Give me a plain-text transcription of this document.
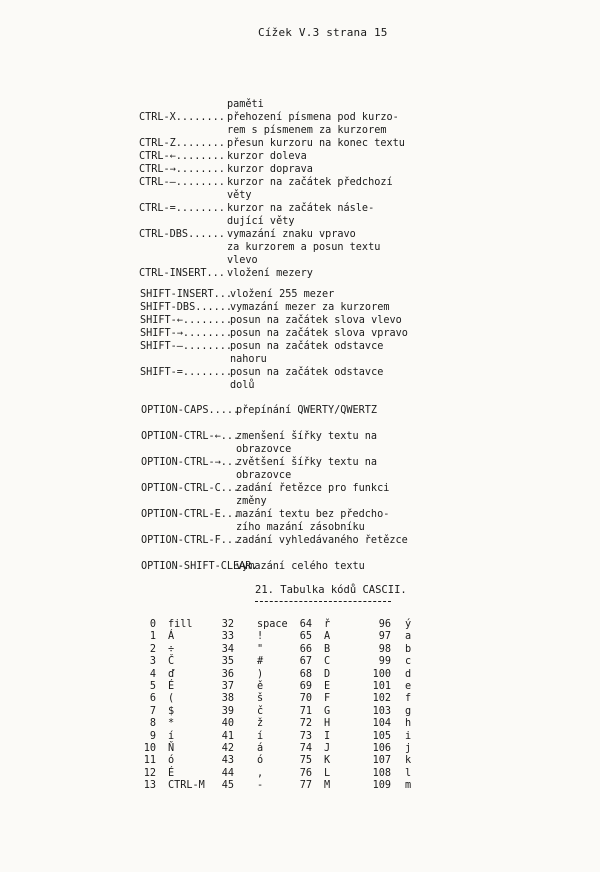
Cížek V.3 strana 15
paměti
CTRL-X........ přehození písmena pod kurzo-
rem s písmenem za kurzorem
CTRL-Z........ přesun kurzoru na konec textu
CTRL-←........ kurzor doleva
CTRL-→........ kurzor doprava
CTRL-—........ kurzor na začátek předchozí
věty
CTRL-=........ kurzor na začátek násle-
dující věty
CTRL-DBS...... vymazání znaku vpravo
za kurzorem a posun textu
vlevo
CTRL-INSERT... vložení mezery
SHIFT-INSERT...vložení 255 mezer
SHIFT-DBS......vymazání mezer za kurzorem
SHIFT-←........posun na začátek slova vlevo
SHIFT-→........posun na začátek slova vpravo
SHIFT-—........posun na začátek odstavce
nahoru
SHIFT-=........posun na začátek odstavce
dolů
OPTION-CAPS.....přepínání QWERTY/QWERTZ
OPTION-CTRL-←...zmenšení šířky textu na
obrazovce
OPTION-CTRL-→...zvětšení šířky textu na
obrazovce
OPTION-CTRL-C...zadání řetězce pro funkci
změny
OPTION-CTRL-E...mazání textu bez předcho-
zího mazání zásobníku
OPTION-CTRL-F...zadání vyhledávaného řetězce
OPTION-SHIFT-CLEAR.vymazání celého textu
21. Tabulka kódů CASCII.
0 fill
1 Á
2 ÷
3 Č
4 ď
5 É
6 (
7 $
8 *
9 í
10 Ň
11 ó
12 É
13 CTRL-M
32 space
33 !
34 "
35 #
36 )
37 ě
38 š
39 č
40 ž
41 í
42 á
43 ó
44 ,
45 -
64 ř
65 A
66 B
67 C
68 D
69 E
70 F
71 G
72 H
73 I
74 J
75 K
76 L
77 M
96 ý
97 a
98 b
99 c
100 d
101 e
102 f
103 g
104 h
105 i
106 j
107 k
108 l
109 m
